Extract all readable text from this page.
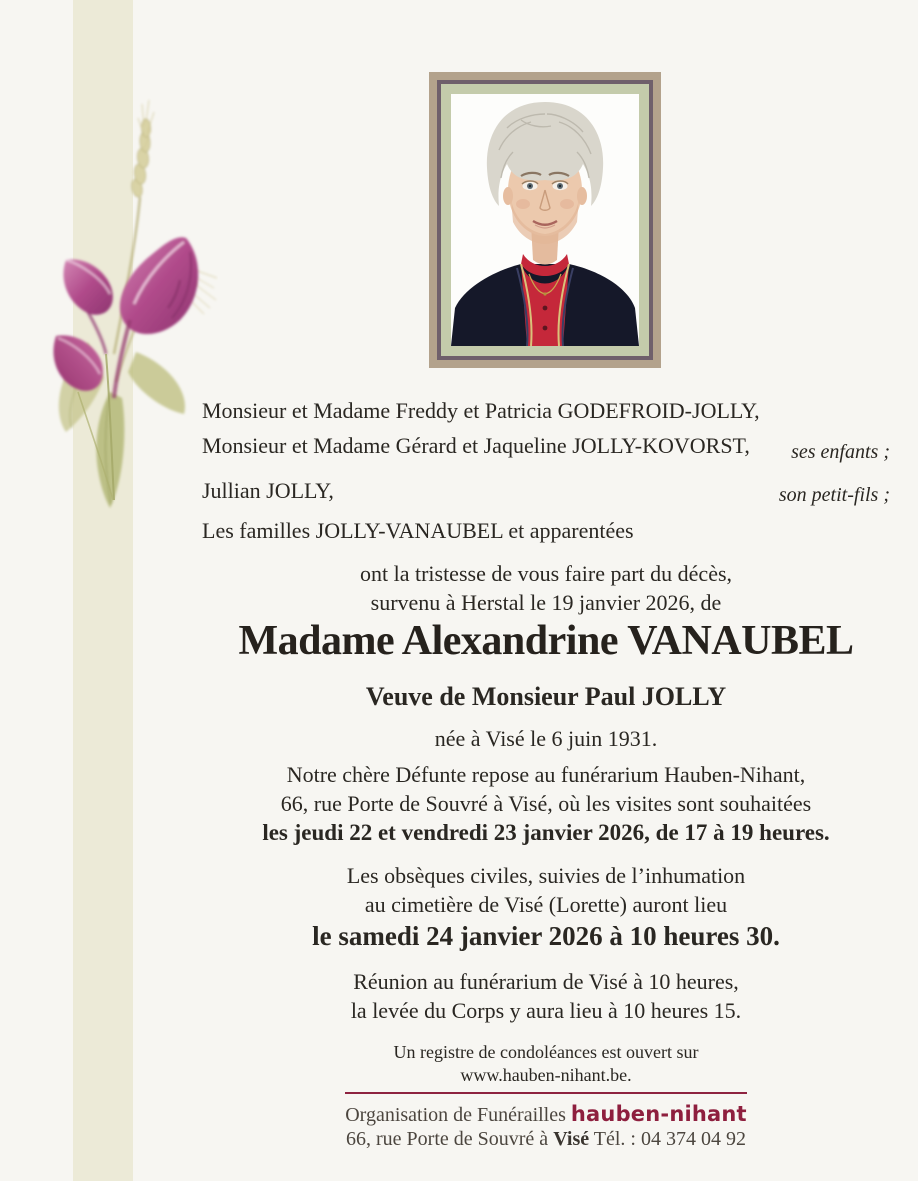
Monsieur et Madame Freddy et Patricia GODEFROID-JOLLY,
Monsieur et Madame Gérard et Jaqueline JOLLY-KOVORST,	ses enfants ;
Jullian JOLLY,	son petit-fils ;
Les familles JOLLY-VANAUBEL et apparentées
ont la tristesse de vous faire part du décès,
survenu à Herstal le 19 janvier 2026, de
Madame Alexandrine VANAUBEL
Veuve de Monsieur Paul JOLLY
née à Visé le 6 juin 1931.
Notre chère Défunte repose au funérarium Hauben-Nihant,
66, rue Porte de Souvré à Visé, où les visites sont souhaitées
les jeudi 22 et vendredi 23 janvier 2026, de 17 à 19 heures.
Les obsèques civiles, suivies de l’inhumation
au cimetière de Visé (Lorette) auront lieu
le samedi 24 janvier 2026 à 10 heures 30.
Réunion au funérarium de Visé à 10 heures,
la levée du Corps y aura lieu à 10 heures 15.
Un registre de condoléances est ouvert sur
www.hauben-nihant.be.
Organisation de Funérailles hauben-nihant
66, rue Porte de Souvré à Visé Tél. : 04 374 04 92
